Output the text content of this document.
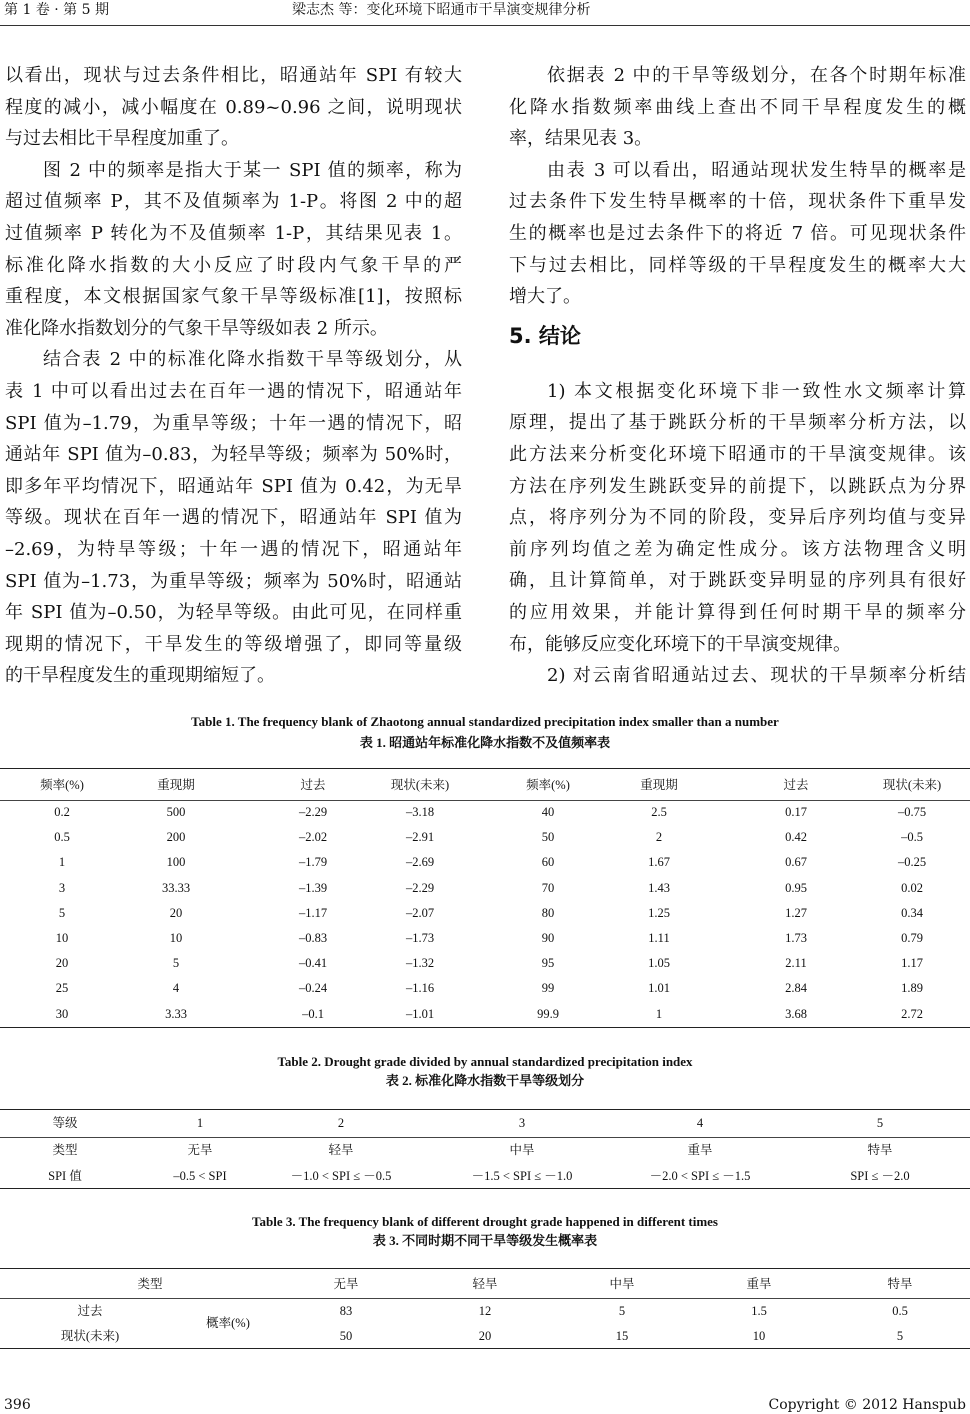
第 1 卷 · 第 5 期	梁志杰 等：变化环境下昭通市干旱演变规律分析
以看出，现状与过去条件相比，昭通站年 SPI 有较大
程度的减小，减小幅度在 0.89~0.96 之间，说明现状
与过去相比干旱程度加重了。
图 2 中的频率是指大于某一 SPI 值的频率，称为
超过值频率 P，其不及值频率为 1-P。将图 2 中的超
过值频率 P 转化为不及值频率 1-P，其结果见表 1。
标准化降水指数的大小反应了时段内气象干旱的严
重程度，本文根据国家气象干旱等级标准[1]，按照标
准化降水指数划分的气象干旱等级如表 2 所示。
结合表 2 中的标准化降水指数干旱等级划分，从
表 1 中可以看出过去在百年一遇的情况下，昭通站年
SPI 值为–1.79，为重旱等级；十年一遇的情况下，昭
通站年 SPI 值为–0.83，为轻旱等级；频率为 50%时，
即多年平均情况下，昭通站年 SPI 值为 0.42，为无旱
等级。现状在百年一遇的情况下，昭通站年 SPI 值为
–2.69，为特旱等级；十年一遇的情况下，昭通站年
SPI 值为–1.73，为重旱等级；频率为 50%时，昭通站
年 SPI 值为–0.50，为轻旱等级。由此可见，在同样重
现期的情况下，干旱发生的等级增强了，即同等量级
的干旱程度发生的重现期缩短了。
依据表 2 中的干旱等级划分，在各个时期年标准
化降水指数频率曲线上查出不同干旱程度发生的概
率，结果见表 3。
由表 3 可以看出，昭通站现状发生特旱的概率是
过去条件下发生特旱概率的十倍，现状条件下重旱发
生的概率也是过去条件下的将近 7 倍。可见现状条件
下与过去相比，同样等级的干旱程度发生的概率大大
增大了。
5. 结论
1) 本文根据变化环境下非一致性水文频率计算
原理，提出了基于跳跃分析的干旱频率分析方法，以
此方法来分析变化环境下昭通市的干旱演变规律。该
方法在序列发生跳跃变异的前提下，以跳跃点为分界
点，将序列分为不同的阶段，变异后序列均值与变异
前序列均值之差为确定性成分。该方法物理含义明
确，且计算简单，对于跳跃变异明显的序列具有很好
的应用效果，并能计算得到任何时期干旱的频率分
布，能够反应变化环境下的干旱演变规律。
2) 对云南省昭通站过去、现状的干旱频率分析结
Table 1. The frequency blank of Zhaotong annual standardized precipitation index smaller than a number
表 1. 昭通站年标准化降水指数不及值频率表
频率(%)	重现期	过去	现状(未来)	频率(%)	重现期	过去	现状(未来)
0.2	500	–2.29	–3.18	40	2.5	0.17	–0.75
0.5	200	–2.02	–2.91	50	2	0.42	–0.5
1	100	–1.79	–2.69	60	1.67	0.67	–0.25
3	33.33	–1.39	–2.29	70	1.43	0.95	0.02
5	20	–1.17	–2.07	80	1.25	1.27	0.34
10	10	–0.83	–1.73	90	1.11	1.73	0.79
20	5	–0.41	–1.32	95	1.05	2.11	1.17
25	4	–0.24	–1.16	99	1.01	2.84	1.89
30	3.33	–0.1	–1.01	99.9	1	3.68	2.72
Table 2. Drought grade divided by annual standardized precipitation index
表 2. 标准化降水指数干旱等级划分
等级	1	2	3	4	5
类型	无旱	轻旱	中旱	重旱	特旱
SPI 值	–0.5 < SPI	－1.0 < SPI ≤ －0.5	－1.5 < SPI ≤ －1.0	－2.0 < SPI ≤ －1.5	SPI ≤ －2.0
Table 3. The frequency blank of different drought grade happened in different times
表 3. 不同时期不同干旱等级发生概率表
类型	无旱	轻旱	中旱	重旱	特旱
概率(%)
过去	83	12	5	1.5	0.5
现状(未来)	50	20	15	10	5
396	Copyright © 2012 Hanspub
